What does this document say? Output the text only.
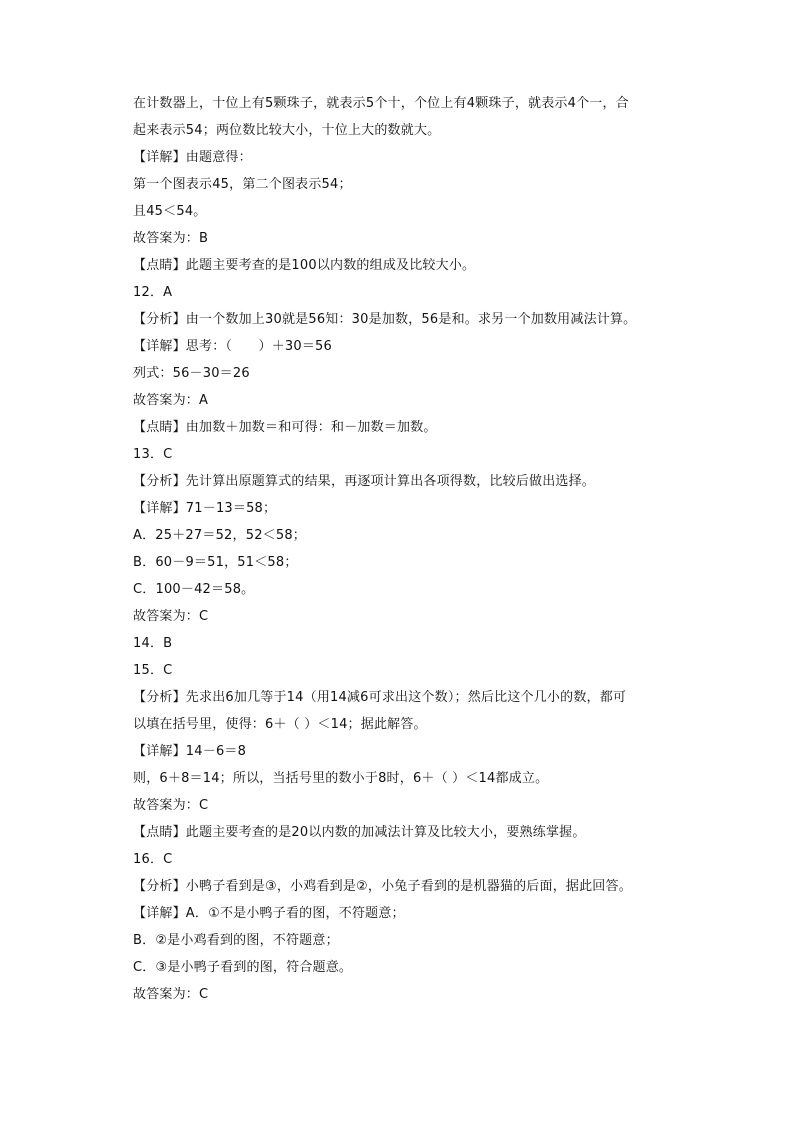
在计数器上，十位上有5颗珠子，就表示5个十，个位上有4颗珠子，就表示4个一，合
起来表示54；两位数比较大小，十位上大的数就大。
【详解】由题意得：
第一个图表示45，第二个图表示54；
且45＜54。
故答案为：B
【点睛】此题主要考查的是100以内数的组成及比较大小。
12．A
【分析】由一个数加上30就是56知：30是加数，56是和。求另一个加数用减法计算。
【详解】思考：（　　）＋30＝56
列式：56－30＝26
故答案为：A
【点睛】由加数＋加数＝和可得：和－加数＝加数。
13．C
【分析】先计算出原题算式的结果，再逐项计算出各项得数，比较后做出选择。
【详解】71－13＝58；
A．25＋27＝52，52＜58；
B．60－9＝51，51＜58；
C．100－42＝58。
故答案为：C
14．B
15．C
【分析】先求出6加几等于14（用14减6可求出这个数）；然后比这个几小的数，都可
以填在括号里，使得：6＋（ ）＜14；据此解答。
【详解】14－6＝8
则，6＋8＝14；所以，当括号里的数小于8时，6＋（ ）＜14都成立。
故答案为：C
【点睛】此题主要考查的是20以内数的加减法计算及比较大小，要熟练掌握。
16．C
【分析】小鸭子看到是③，小鸡看到是②，小兔子看到的是机器猫的后面，据此回答。
【详解】A．①不是小鸭子看的图，不符题意；
B．②是小鸡看到的图，不符题意；
C．③是小鸭子看到的图，符合题意。
故答案为：C
